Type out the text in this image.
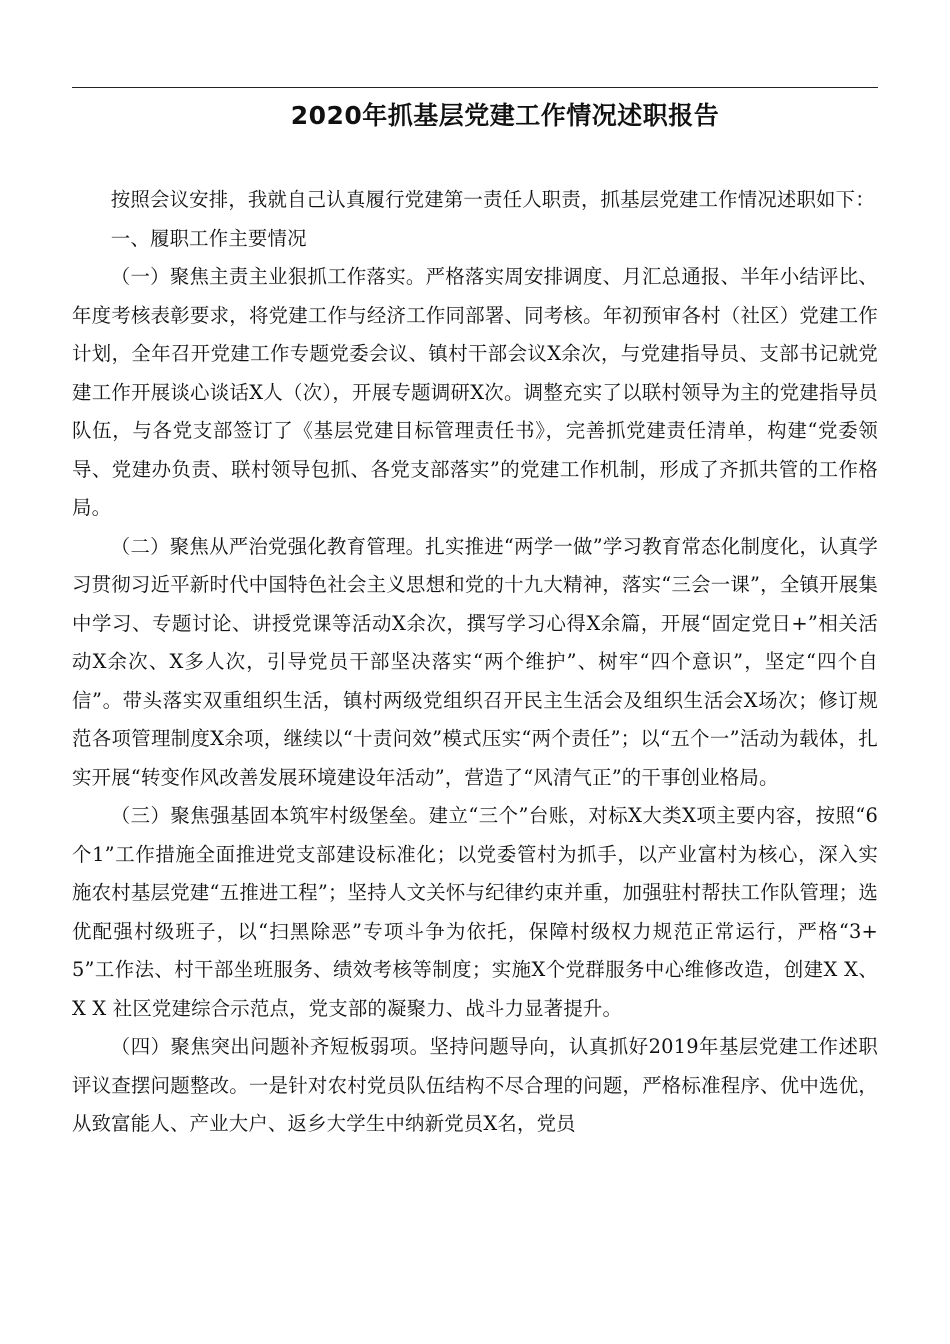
2020年抓基层党建工作情况述职报告

按照会议安排，我就自己认真履行党建第一责任人职责，抓基层党建工作情况述职如下：

一、履职工作主要情况

（一）聚焦主责主业狠抓工作落实。严格落实周安排调度、月汇总通报、半年小结评比、年度考核表彰要求，将党建工作与经济工作同部署、同考核。年初预审各村（社区）党建工作计划，全年召开党建工作专题党委会议、镇村干部会议X余次，与党建指导员、支部书记就党建工作开展谈心谈话X人（次），开展专题调研X次。调整充实了以联村领导为主的党建指导员队伍，与各党支部签订了《基层党建目标管理责任书》，完善抓党建责任清单，构建“党委领导、党建办负责、联村领导包抓、各党支部落实”的党建工作机制，形成了齐抓共管的工作格局。

（二）聚焦从严治党强化教育管理。扎实推进“两学一做”学习教育常态化制度化，认真学习贯彻习近平新时代中国特色社会主义思想和党的十九大精神，落实“三会一课”，全镇开展集中学习、专题讨论、讲授党课等活动X余次，撰写学习心得X余篇，开展“固定党日+”相关活动X余次、X多人次，引导党员干部坚决落实“两个维护”、树牢“四个意识”，坚定“四个自信”。带头落实双重组织生活，镇村两级党组织召开民主生活会及组织生活会X场次；修订规范各项管理制度X余项，继续以“十责问效”模式压实“两个责任”；以“五个一”活动为载体，扎实开展“转变作风改善发展环境建设年活动”，营造了“风清气正”的干事创业格局。

（三）聚焦强基固本筑牢村级堡垒。建立“三个”台账，对标X大类X项主要内容，按照“6个1”工作措施全面推进党支部建设标准化；以党委管村为抓手，以产业富村为核心，深入实施农村基层党建“五推进工程”；坚持人文关怀与纪律约束并重，加强驻村帮扶工作队管理；选优配强村级班子，以“扫黑除恶”专项斗争为依托，保障村级权力规范正常运行，严格“3+5”工作法、村干部坐班服务、绩效考核等制度；实施X个党群服务中心维修改造，创建X X、X X 社区党建综合示范点，党支部的凝聚力、战斗力显著提升。

（四）聚焦突出问题补齐短板弱项。坚持问题导向，认真抓好2019年基层党建工作述职评议查摆问题整改。一是针对农村党员队伍结构不尽合理的问题，严格标准程序、优中选优，从致富能人、产业大户、返乡大学生中纳新党员X名，党员
